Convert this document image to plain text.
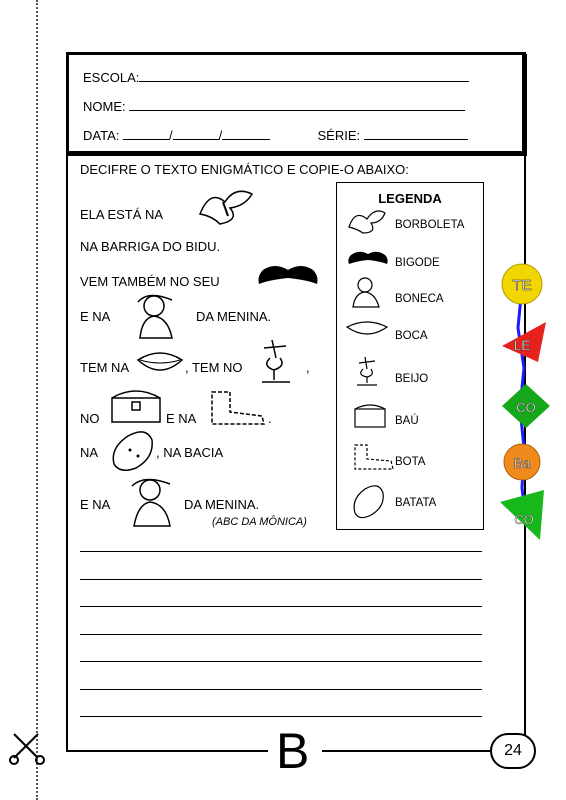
ESCOLA:
NOME:
DATA:	/	/	SÉRIE:
DECIFRE O TEXTO ENIGMÁTICO E COPIE-O ABAIXO:
ELA ESTÁ NA
NA BARRIGA DO BIDU.
VEM TAMBÉM NO SEU
E NA	DA MENINA.
TEM NA	, TEM NO	,
NO	E NA	.
NA	, NA BACIA
E NA	DA MENINA.
(ABC DA MÔNICA)
LEGENDA
BORBOLETA
BIGODE
BONECA
BOCA
BEIJO
BAÚ
BOTA
BATATA
TE
LE
CO
Ba
CO
B	24
